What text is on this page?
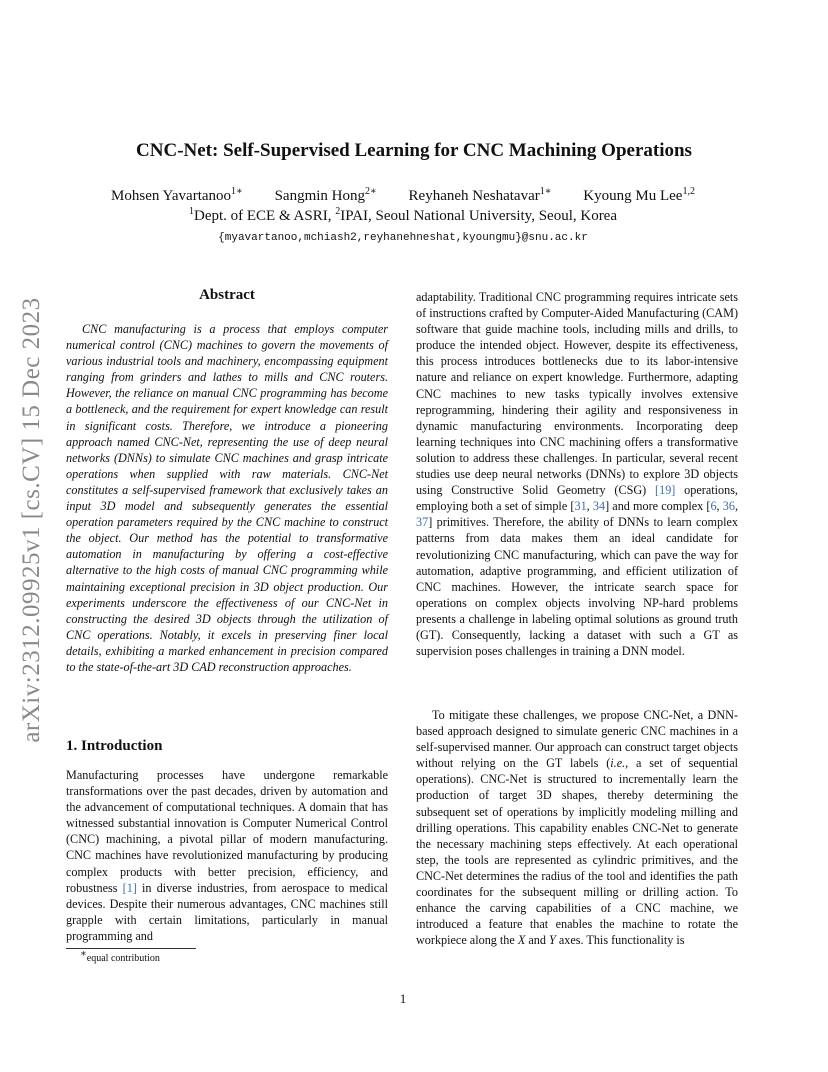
arXiv:2312.09925v1 [cs.CV] 15 Dec 2023
CNC-Net: Self-Supervised Learning for CNC Machining Operations
Mohsen Yavartanoo$^{1∗}$ Sangmin Hong$^{2∗}$ Reyhaneh Neshatavar$^{1∗}$ Kyoung Mu Lee$^{1,2}$
$^1$Dept. of ECE & ASRI, $^2$IPAI, Seoul National University, Seoul, Korea
{myavartanoo,mchiash2,reyhanehneshat,kyoungmu}@snu.ac.kr
Abstract

CNC manufacturing is a process that employs computer numerical control (CNC) machines to govern the movements of various industrial tools and machinery, encompassing equipment ranging from grinders and lathes to mills and CNC routers. However, the reliance on manual CNC programming has become a bottleneck, and the requirement for expert knowledge can result in significant costs. Therefore, we introduce a pioneering approach named CNC-Net, representing the use of deep neural networks (DNNs) to simulate CNC machines and grasp intricate operations when supplied with raw materials. CNC-Net constitutes a self-supervised framework that exclusively takes an input 3D model and subsequently generates the essential operation parameters required by the CNC machine to construct the object. Our method has the potential to transformative automation in manufacturing by offering a cost-effective alternative to the high costs of manual CNC programming while maintaining exceptional precision in 3D object production. Our experiments underscore the effectiveness of our CNC-Net in constructing the desired 3D objects through the utilization of CNC operations. Notably, it excels in preserving finer local details, exhibiting a marked enhancement in precision compared to the state-of-the-art 3D CAD reconstruction approaches.

1. Introduction

Manufacturing processes have undergone remarkable transformations over the past decades, driven by automation and the advancement of computational techniques. A domain that has witnessed substantial innovation is Computer Numerical Control (CNC) machining, a pivotal pillar of modern manufacturing. CNC machines have revolutionized manufacturing by producing complex products with better precision, efficiency, and robustness [1] in diverse industries, from aerospace to medical devices. Despite their numerous advantages, CNC machines still grapple with certain limitations, particularly in manual programming and

adaptability. Traditional CNC programming requires intricate sets of instructions crafted by Computer-Aided Manufacturing (CAM) software that guide machine tools, including mills and drills, to produce the intended object. However, despite its effectiveness, this process introduces bottlenecks due to its labor-intensive nature and reliance on expert knowledge. Furthermore, adapting CNC machines to new tasks typically involves extensive reprogramming, hindering their agility and responsiveness in dynamic manufacturing environments. Incorporating deep learning techniques into CNC machining offers a transformative solution to address these challenges. In particular, several recent studies use deep neural networks (DNNs) to explore 3D objects using Constructive Solid Geometry (CSG) [19] operations, employing both a set of simple [31, 34] and more complex [6, 36, 37] primitives. Therefore, the ability of DNNs to learn complex patterns from data makes them an ideal candidate for revolutionizing CNC manufacturing, which can pave the way for automation, adaptive programming, and efficient utilization of CNC machines. However, the intricate search space for operations on complex objects involving NP-hard problems presents a challenge in labeling optimal solutions as ground truth (GT). Consequently, lacking a dataset with such a GT as supervision poses challenges in training a DNN model.

To mitigate these challenges, we propose CNC-Net, a DNN-based approach designed to simulate generic CNC machines in a self-supervised manner. Our approach can construct target objects without relying on the GT labels (i.e., a set of sequential operations). CNC-Net is structured to incrementally learn the production of target 3D shapes, thereby determining the subsequent set of operations by implicitly modeling milling and drilling operations. This capability enables CNC-Net to generate the necessary machining steps effectively. At each operational step, the tools are represented as cylindric primitives, and the CNC-Net determines the radius of the tool and identifies the path coordinates for the subsequent milling or drilling action. To enhance the carving capabilities of a CNC machine, we introduced a feature that enables the machine to rotate the workpiece along the X and Y axes. This functionality is

∗equal contribution
1
